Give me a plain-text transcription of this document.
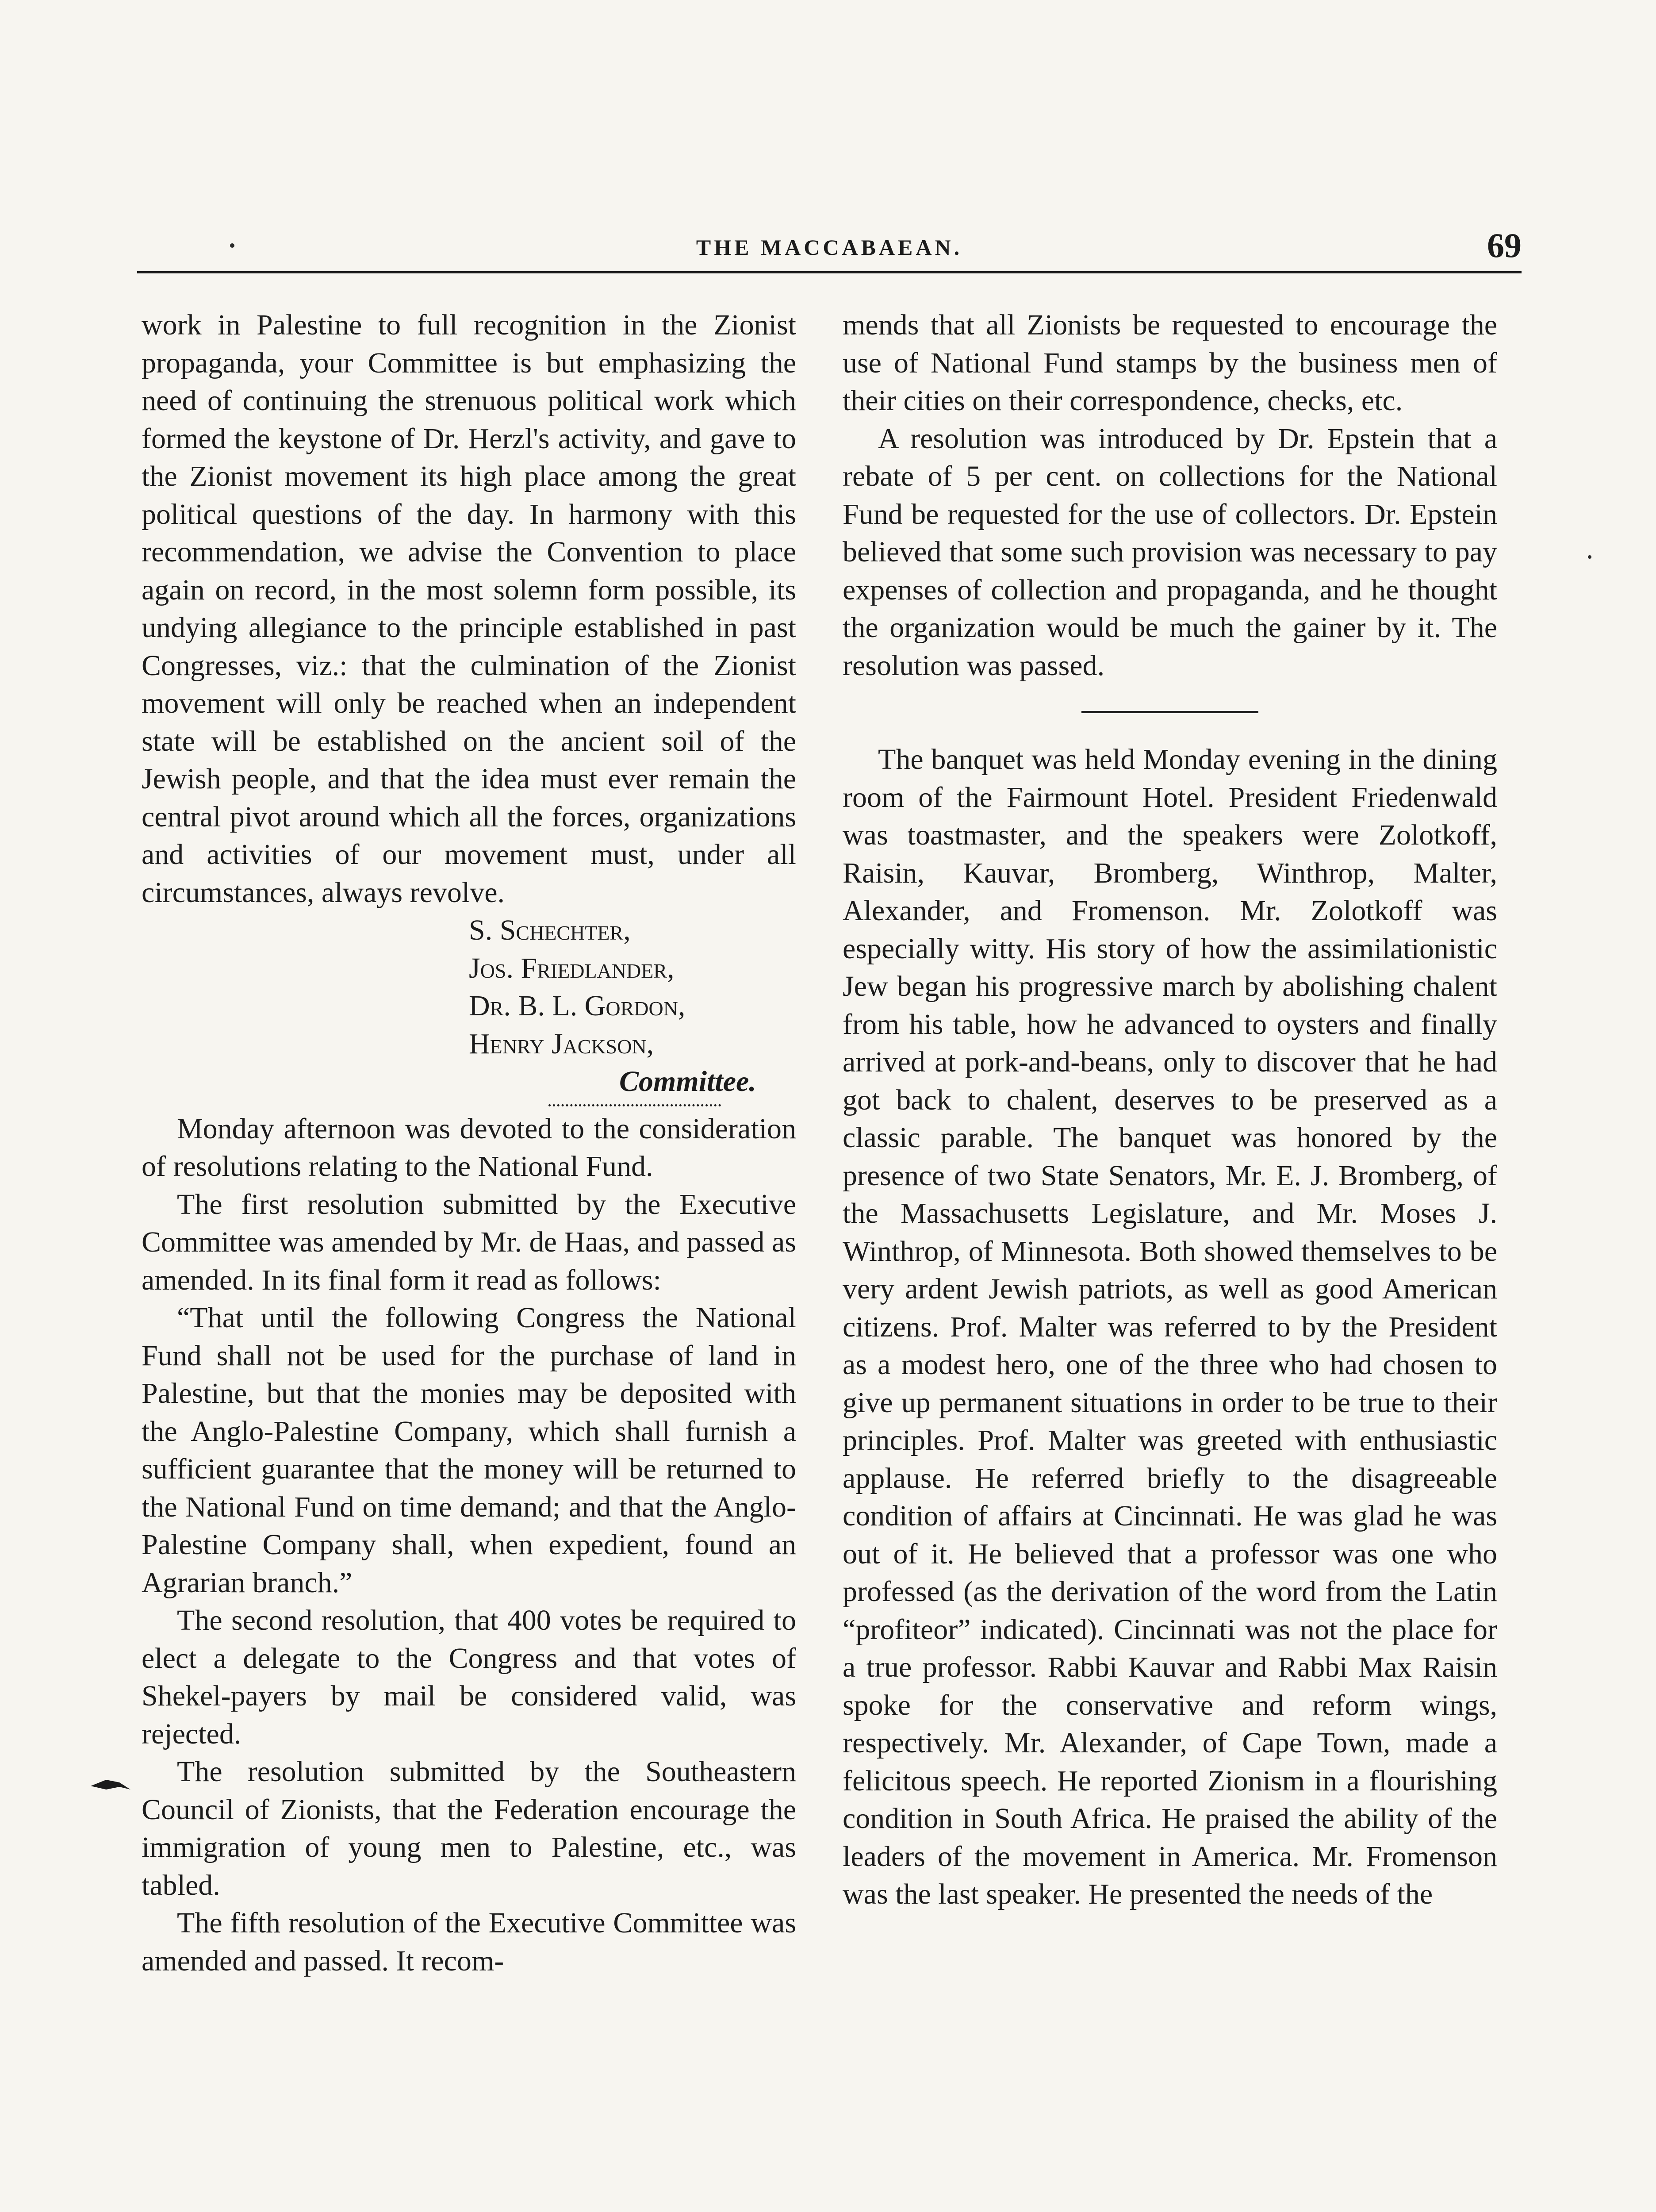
THE MACCABAEAN.	69

work in Palestine to full recognition in the Zionist propaganda, your Committee is but emphasizing the need of continuing the strenuous political work which formed the keystone of Dr. Herzl's activity, and gave to the Zionist movement its high place among the great political questions of the day. In harmony with this recommendation, we advise the Convention to place again on record, in the most solemn form possible, its undying allegiance to the principle established in past Congresses, viz.: that the culmination of the Zionist movement will only be reached when an independent state will be established on the ancient soil of the Jewish people, and that the idea must ever remain the central pivot around which all the forces, organizations and activities of our movement must, under all circumstances, always revolve.

S. Schechter,
Jos. Friedlander,
Dr. B. L. Gordon,
Henry Jackson,
Committee.

Monday afternoon was devoted to the consideration of resolutions relating to the National Fund.

The first resolution submitted by the Executive Committee was amended by Mr. de Haas, and passed as amended. In its final form it read as follows:

“That until the following Congress the National Fund shall not be used for the purchase of land in Palestine, but that the monies may be deposited with the Anglo-Palestine Company, which shall furnish a sufficient guarantee that the money will be returned to the National Fund on time demand; and that the Anglo-Palestine Company shall, when expedient, found an Agrarian branch.”

The second resolution, that 400 votes be required to elect a delegate to the Congress and that votes of Shekel-payers by mail be considered valid, was rejected.

The resolution submitted by the Southeastern Council of Zionists, that the Federation encourage the immigration of young men to Palestine, etc., was tabled.

The fifth resolution of the Executive Committee was amended and passed. It recom-

mends that all Zionists be requested to encourage the use of National Fund stamps by the business men of their cities on their correspondence, checks, etc.

A resolution was introduced by Dr. Epstein that a rebate of 5 per cent. on collections for the National Fund be requested for the use of collectors. Dr. Epstein believed that some such provision was necessary to pay expenses of collection and propaganda, and he thought the organization would be much the gainer by it. The resolution was passed.

The banquet was held Monday evening in the dining room of the Fairmount Hotel. President Friedenwald was toastmaster, and the speakers were Zolotkoff, Raisin, Kauvar, Bromberg, Winthrop, Malter, Alexander, and Fromenson. Mr. Zolotkoff was especially witty. His story of how the assimilationistic Jew began his progressive march by abolishing chalent from his table, how he advanced to oysters and finally arrived at pork-and-beans, only to discover that he had got back to chalent, deserves to be preserved as a classic parable. The banquet was honored by the presence of two State Senators, Mr. E. J. Bromberg, of the Massachusetts Legislature, and Mr. Moses J. Winthrop, of Minnesota. Both showed themselves to be very ardent Jewish patriots, as well as good American citizens. Prof. Malter was referred to by the President as a modest hero, one of the three who had chosen to give up permanent situations in order to be true to their principles. Prof. Malter was greeted with enthusiastic applause. He referred briefly to the disagreeable condition of affairs at Cincinnati. He was glad he was out of it. He believed that a professor was one who professed (as the derivation of the word from the Latin “profiteor” indicated). Cincinnati was not the place for a true professor. Rabbi Kauvar and Rabbi Max Raisin spoke for the conservative and reform wings, respectively. Mr. Alexander, of Cape Town, made a felicitous speech. He reported Zionism in a flourishing condition in South Africa. He praised the ability of the leaders of the movement in America. Mr. Fromenson was the last speaker. He presented the needs of the
